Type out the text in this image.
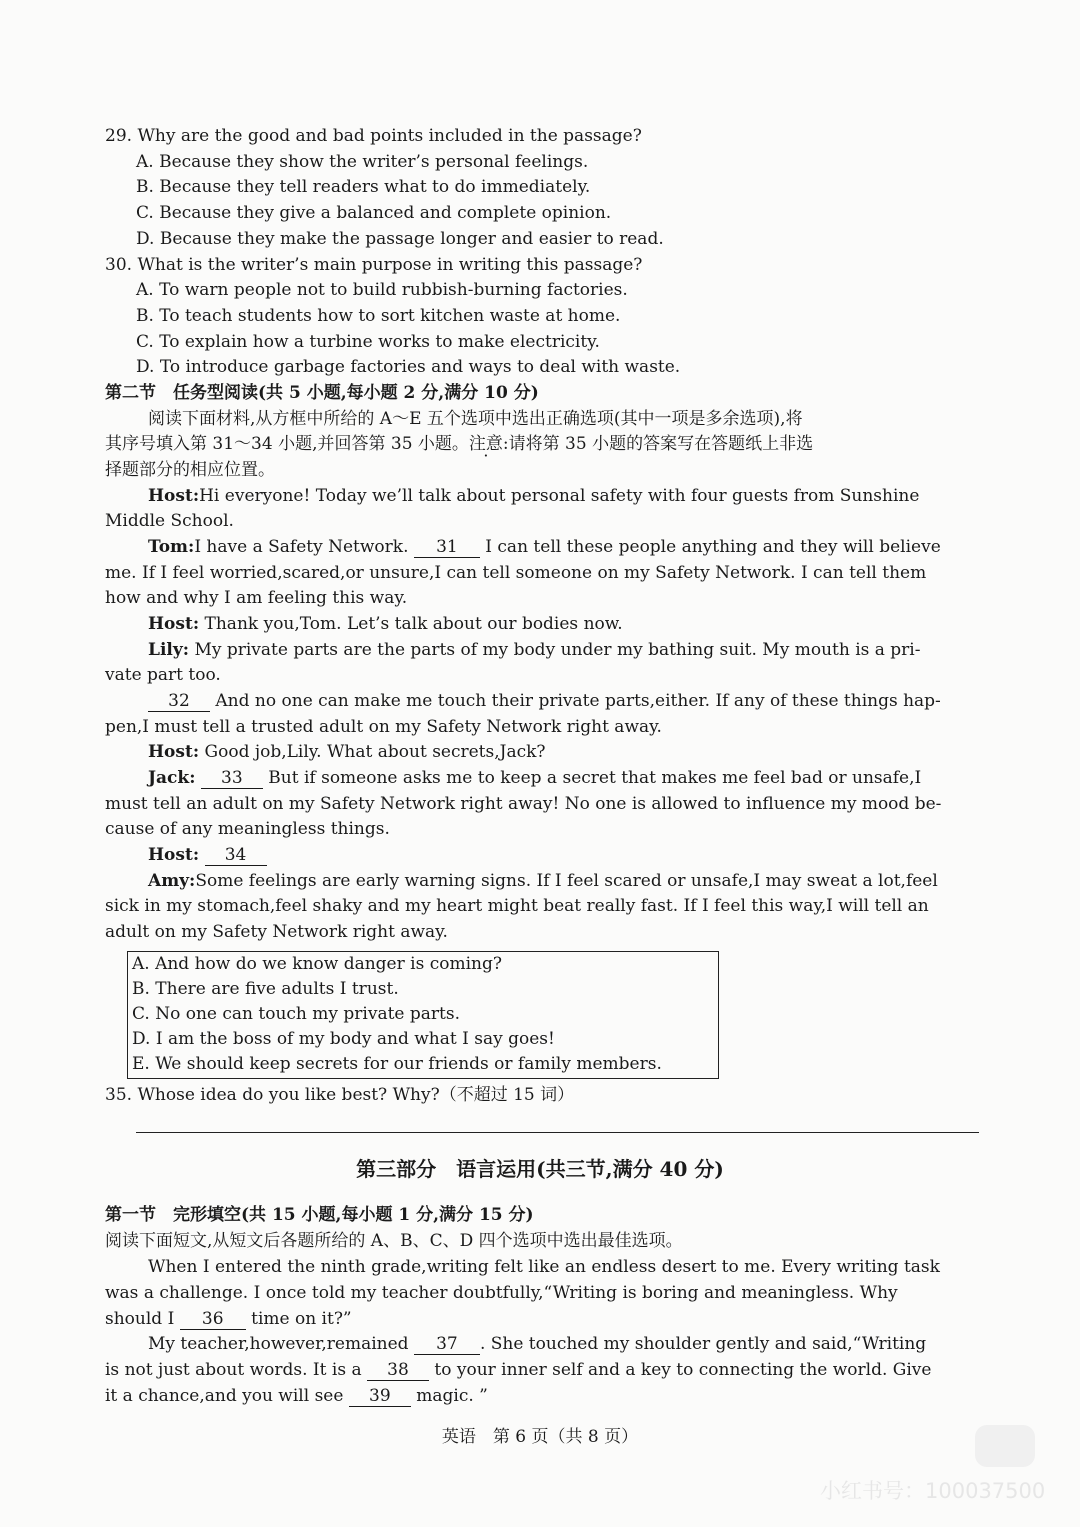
29. Why are the good and bad points included in the passage?
A. Because they show the writer’s personal feelings.
B. Because they tell readers what to do immediately.
C. Because they give a balanced and complete opinion.
D. Because they make the passage longer and easier to read.
30. What is the writer’s main purpose in writing this passage?
A. To warn people not to build rubbish-burning factories.
B. To teach students how to sort kitchen waste at home.
C. To explain how a turbine works to make electricity.
D. To introduce garbage factories and ways to deal with waste.
第二节　任务型阅读(共 5 小题,每小题 2 分,满分 10 分)
阅读下面材料,从方框中所给的 A～E 五个选项中选出正确选项(其中一项是多余选项),将
其序号填入第 31～34 小题,并回答第 35 小题。注意:请将第 35 小题的答案写在答题纸上非选
择题部分的相应位置。
Host:Hi everyone! Today we’ll talk about personal safety with four guests from Sunshine
Middle School.
Tom:I have a Safety Network. 31 I can tell these people anything and they will believe
me. If I feel worried,scared,or unsure,I can tell someone on my Safety Network. I can tell them
how and why I am feeling this way.
Host: Thank you,Tom. Let’s talk about our bodies now.
Lily: My private parts are the parts of my body under my bathing suit. My mouth is a pri-
vate part too.
32 And no one can make me touch their private parts,either. If any of these things hap-
pen,I must tell a trusted adult on my Safety Network right away.
Host: Good job,Lily. What about secrets,Jack?
Jack: 33 But if someone asks me to keep a secret that makes me feel bad or unsafe,I
must tell an adult on my Safety Network right away! No one is allowed to influence my mood be-
cause of any meaningless things.
Host: 34
Amy:Some feelings are early warning signs. If I feel scared or unsafe,I may sweat a lot,feel
sick in my stomach,feel shaky and my heart might beat really fast. If I feel this way,I will tell an
adult on my Safety Network right away.
A. And how do we know danger is coming?
B. There are five adults I trust.
C. No one can touch my private parts.
D. I am the boss of my body and what I say goes!
E. We should keep secrets for our friends or family members.
35. Whose idea do you like best? Why?（不超过 15 词）
第三部分　语言运用(共三节,满分 40 分)
第一节　完形填空(共 15 小题,每小题 1 分,满分 15 分)
阅读下面短文,从短文后各题所给的 A、B、C、D 四个选项中选出最佳选项。
When I entered the ninth grade,writing felt like an endless desert to me. Every writing task
was a challenge. I once told my teacher doubtfully,“Writing is boring and meaningless. Why
should I 36 time on it?”
My teacher,however,remained 37 . She touched my shoulder gently and said,“Writing
is not just about words. It is a 38 to your inner self and a key to connecting the world. Give
it a chance,and you will see 39 magic. ”
英语　第 6 页（共 8 页）
小红书号：100037500
